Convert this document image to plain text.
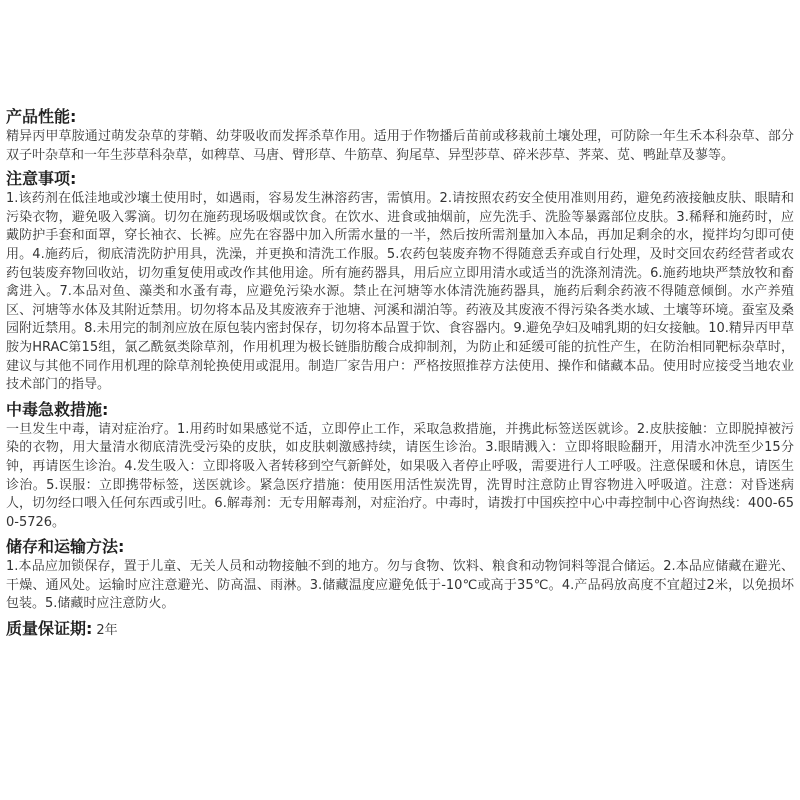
产品性能:

精异丙甲草胺通过萌发杂草的芽鞘、幼芽吸收而发挥杀草作用。适用于作物播后苗前或移栽前土壤处理，可防除一年生禾本科杂草、部分双子叶杂草和一年生莎草科杂草，如稗草、马唐、臂形草、牛筋草、狗尾草、异型莎草、碎米莎草、荠菜、苋、鸭趾草及蓼等。

注意事项:

1.该药剂在低洼地或沙壤土使用时，如遇雨，容易发生淋溶药害，需慎用。2.请按照农药安全使用准则用药，避免药液接触皮肤、眼睛和污染衣物，避免吸入雾滴。切勿在施药现场吸烟或饮食。在饮水、进食或抽烟前，应先洗手、洗脸等暴露部位皮肤。3.稀释和施药时，应戴防护手套和面罩，穿长袖衣、长裤。应先在容器中加入所需水量的一半，然后按所需剂量加入本品，再加足剩余的水，搅拌均匀即可使用。4.施药后，彻底清洗防护用具，洗澡，并更换和清洗工作服。5.农药包装废弃物不得随意丢弃或自行处理，及时交回农药经营者或农药包装废弃物回收站，切勿重复使用或改作其他用途。所有施药器具，用后应立即用清水或适当的洗涤剂清洗。6.施药地块严禁放牧和畜禽进入。7.本品对鱼、藻类和水蚤有毒，应避免污染水源。禁止在河塘等水体清洗施药器具，施药后剩余药液不得随意倾倒。水产养殖区、河塘等水体及其附近禁用。切勿将本品及其废液弃于池塘、河溪和湖泊等。药液及其废液不得污染各类水域、土壤等环境。蚕室及桑园附近禁用。8.未用完的制剂应放在原包装内密封保存，切勿将本品置于饮、食容器内。9.避免孕妇及哺乳期的妇女接触。10.精异丙甲草胺为HRAC第15组，氯乙酰氨类除草剂，作用机理为极长链脂肪酸合成抑制剂，为防止和延缓可能的抗性产生，在防治相同靶标杂草时，建议与其他不同作用机理的除草剂轮换使用或混用。制造厂家告用户：严格按照推荐方法使用、操作和储藏本品。使用时应接受当地农业技术部门的指导。

中毒急救措施:

一旦发生中毒，请对症治疗。1.用药时如果感觉不适，立即停止工作，采取急救措施，并携此标签送医就诊。2.皮肤接触：立即脱掉被污染的衣物，用大量清水彻底清洗受污染的皮肤，如皮肤刺激感持续，请医生诊治。3.眼睛溅入：立即将眼睑翻开，用清水冲洗至少15分钟，再请医生诊治。4.发生吸入：立即将吸入者转移到空气新鲜处，如果吸入者停止呼吸，需要进行人工呼吸。注意保暖和休息，请医生诊治。5.误服：立即携带标签，送医就诊。紧急医疗措施：使用医用活性炭洗胃，洗胃时注意防止胃容物进入呼吸道。注意：对昏迷病人，切勿经口喂入任何东西或引吐。6.解毒剂：无专用解毒剂，对症治疗。中毒时，请拨打中国疾控中心中毒控制中心咨询热线：400-650-5726。

储存和运输方法:

1.本品应加锁保存，置于儿童、无关人员和动物接触不到的地方。勿与食物、饮料、粮食和动物饲料等混合储运。2.本品应储藏在避光、干燥、通风处。运输时应注意避光、防高温、雨淋。3.储藏温度应避免低于-10℃或高于35℃。4.产品码放高度不宜超过2米，以免损坏包装。5.储藏时应注意防火。

质量保证期: 2年
